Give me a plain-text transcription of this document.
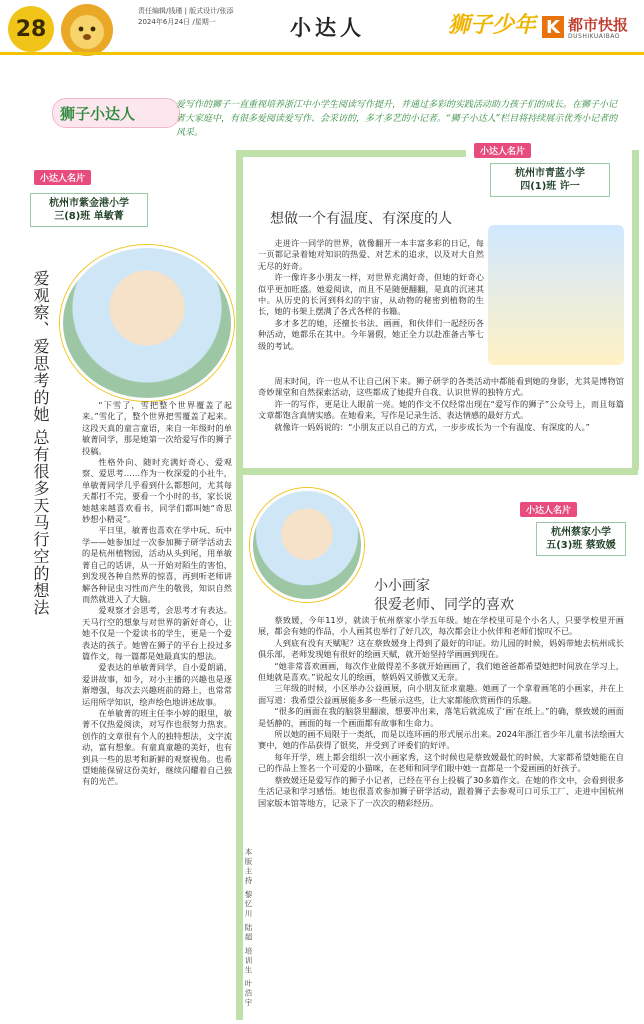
28
责任编辑/钱瑾 | 版式设计/张添
2024年6月24日 /星期一	小达人	狮子少年 K 都市快报
DUSHIKUAIBAO
狮子小达人	爱写作的狮子一直重视培养浙江中小学生阅读写作提升，并通过多彩的实践活动助力孩子们的成长。在狮子小记者大家庭中，有很多爱阅读爱写作、会采访的，多才多艺的小记者。“狮子小达人”栏目将持续展示优秀小记者的风采。
小达人名片
杭州市紫金港小学
三(8)班 单敏菁
爱观察、爱思考的她 总有很多天马行空的想法	“下雪了，雪把整个世界覆盖了起来。”雪化了，整个世界把雪覆盖了起来。这段天真的童言童语，来自一年级时的单敏菁同学，那是她第一次给爱写作的狮子投稿。

性格外向、随时充满好奇心、爱观察、爱思考……作为一枚深爱的小社牛，单敏菁同学几乎看到什么都想问，尤其每天都打不完，要看一个小时的书，家长说她越来越喜欢看书，同学们都叫她“奇思妙想小精灵”。

平日里，敏菁也喜欢在学中玩、玩中学——她参加过一次参加狮子研学活动去的是杭州植物园，活动从头到尾，用单敏菁自己的话讲，从一开始对陌生的害怕，到发现各种自然界的惊喜，再到听老师讲解各种昆虫习性而产生的敬畏，知识自然而然就进入了大脑。

爱观察才会思考，会思考才有表达。天马行空的想象与对世界的新好奇心，让她不仅是一个爱读书的学生，更是一个爱表达的孩子。她曾在狮子的平台上投过多篇作文，每一篇都是她最真实的想法。

爱表达的单敏菁同学，自小爱朗诵、爱讲故事，如今，对小主播的兴趣也是逐渐增强，每次去兴趣班前的路上，也常常运用所学知识，绘声绘色地讲述故事。

在单敏菁的班主任李小婷的眼里，敏菁不仅热爱阅读，对写作也很努力热衷。创作的文章很有个人的独特想法，文字流动，富有想象。有童真童趣的美好，也有到具一些的思考和新鲜的观察视角。也希望她能保留这份美好，继续闪耀着自己独有的光芒。

小达人名片
杭州市青蓝小学
四(1)班 许一
想做一个有温度、有深度的人

走进许一同学的世界，就像翻开一本丰富多彩的日记，每一页都记录着她对知识的热爱、对艺术的追求，以及对大自然无尽的好奇。

许一像许多小朋友一样，对世界充满好奇，但她的好奇心似乎更加旺盛。她爱阅读，而且不是随便翻翻，是真的沉迷其中。从历史的长河到科幻的宇宙，从动物的秘密到植物的生长，她的书架上摆满了各式各样的书籍。

多才多艺的她，还擅长书法、画画，和伙伴们一起经历各种活动，她都乐在其中。今年暑假，她正全力以赴准备古筝七级的考试。

周末时间，许一也从不让自己闲下来。狮子研学的各类活动中都能看到她的身影，尤其是博物馆奇妙课堂和自然探索活动，这些都成了她提升自我、认识世界的独特方式。

许一的写作，更是让人眼前一亮。她的作文不仅经常出现在“爱写作的狮子”公众号上，而且每篇文章都饱含真情实感。在她看来，写作是记录生活、表达情感的最好方式。

就像许一妈妈说的：“小朋友正以自己的方式，一步步成长为一个有温度、有深度的人。”

小达人名片
杭州蔡家小学
五(3)班 蔡致媛
小小画家
很爱老师、同学的喜欢

蔡致媛，今年11岁，就读于杭州蔡家小学五年级。她在学校里可是个小名人，只要学校里开画展，都会有她的作品，小人画其也举行了好几次，每次都会让小伙伴和老师们惊叹不已。

人到底有没有天赋呢？这在蔡致媛身上得到了最好的印证。幼儿园的时候，妈妈带她去杭州成长俱乐部，老师发现她有很好的绘画天赋，就开始坚持学画画到现在。

“她非常喜欢画画，每次作业做得差不多就开始画画了，我们她爸爸都希望她把时间放在学习上，但她就是喜欢。”说起女儿的绘画，蔡妈妈又骄傲又无奈。

三年级的时候，小区举办公益画展，向小朋友征求童趣。她画了一个拿着画笔的小画家，并在上面写道：我希望公益画展能多多一些展示这些，让大家都能欣赏画作的乐趣。

“很多的画面在我的脑袋里翻滚，想要冲出来，落笔后就流成了‘画’在纸上。”的确，蔡致媛的画面是恬静的，画面的每一个画面都有故事和生命力。

所以她的画不局限于一类纸，而是以连环画的形式展示出来。2024年浙江省少年儿童书法绘画大赛中，她的作品获得了银奖，并受到了评委们的好评。

每年开学，班上都会组织一次小画家秀，这个时候也是蔡致媛最忙的时候，大家都希望她能在自己的作品上签名一个可爱的小猫咪，在老师和同学们眼中她一直都是一个爱画画的好孩子。

蔡致媛还是爱写作的狮子小记者，已经在平台上投稿了30多篇作文。在她的作文中，会看到很多生活记录和学习感悟。她也很喜欢参加狮子研学活动，跟着狮子去参观可口可乐工厂、走进中国杭州国家版本馆等地方，记录下了一次次的精彩经历。

本版主持 黎忆川 陆超 培训生 叶浩宇
